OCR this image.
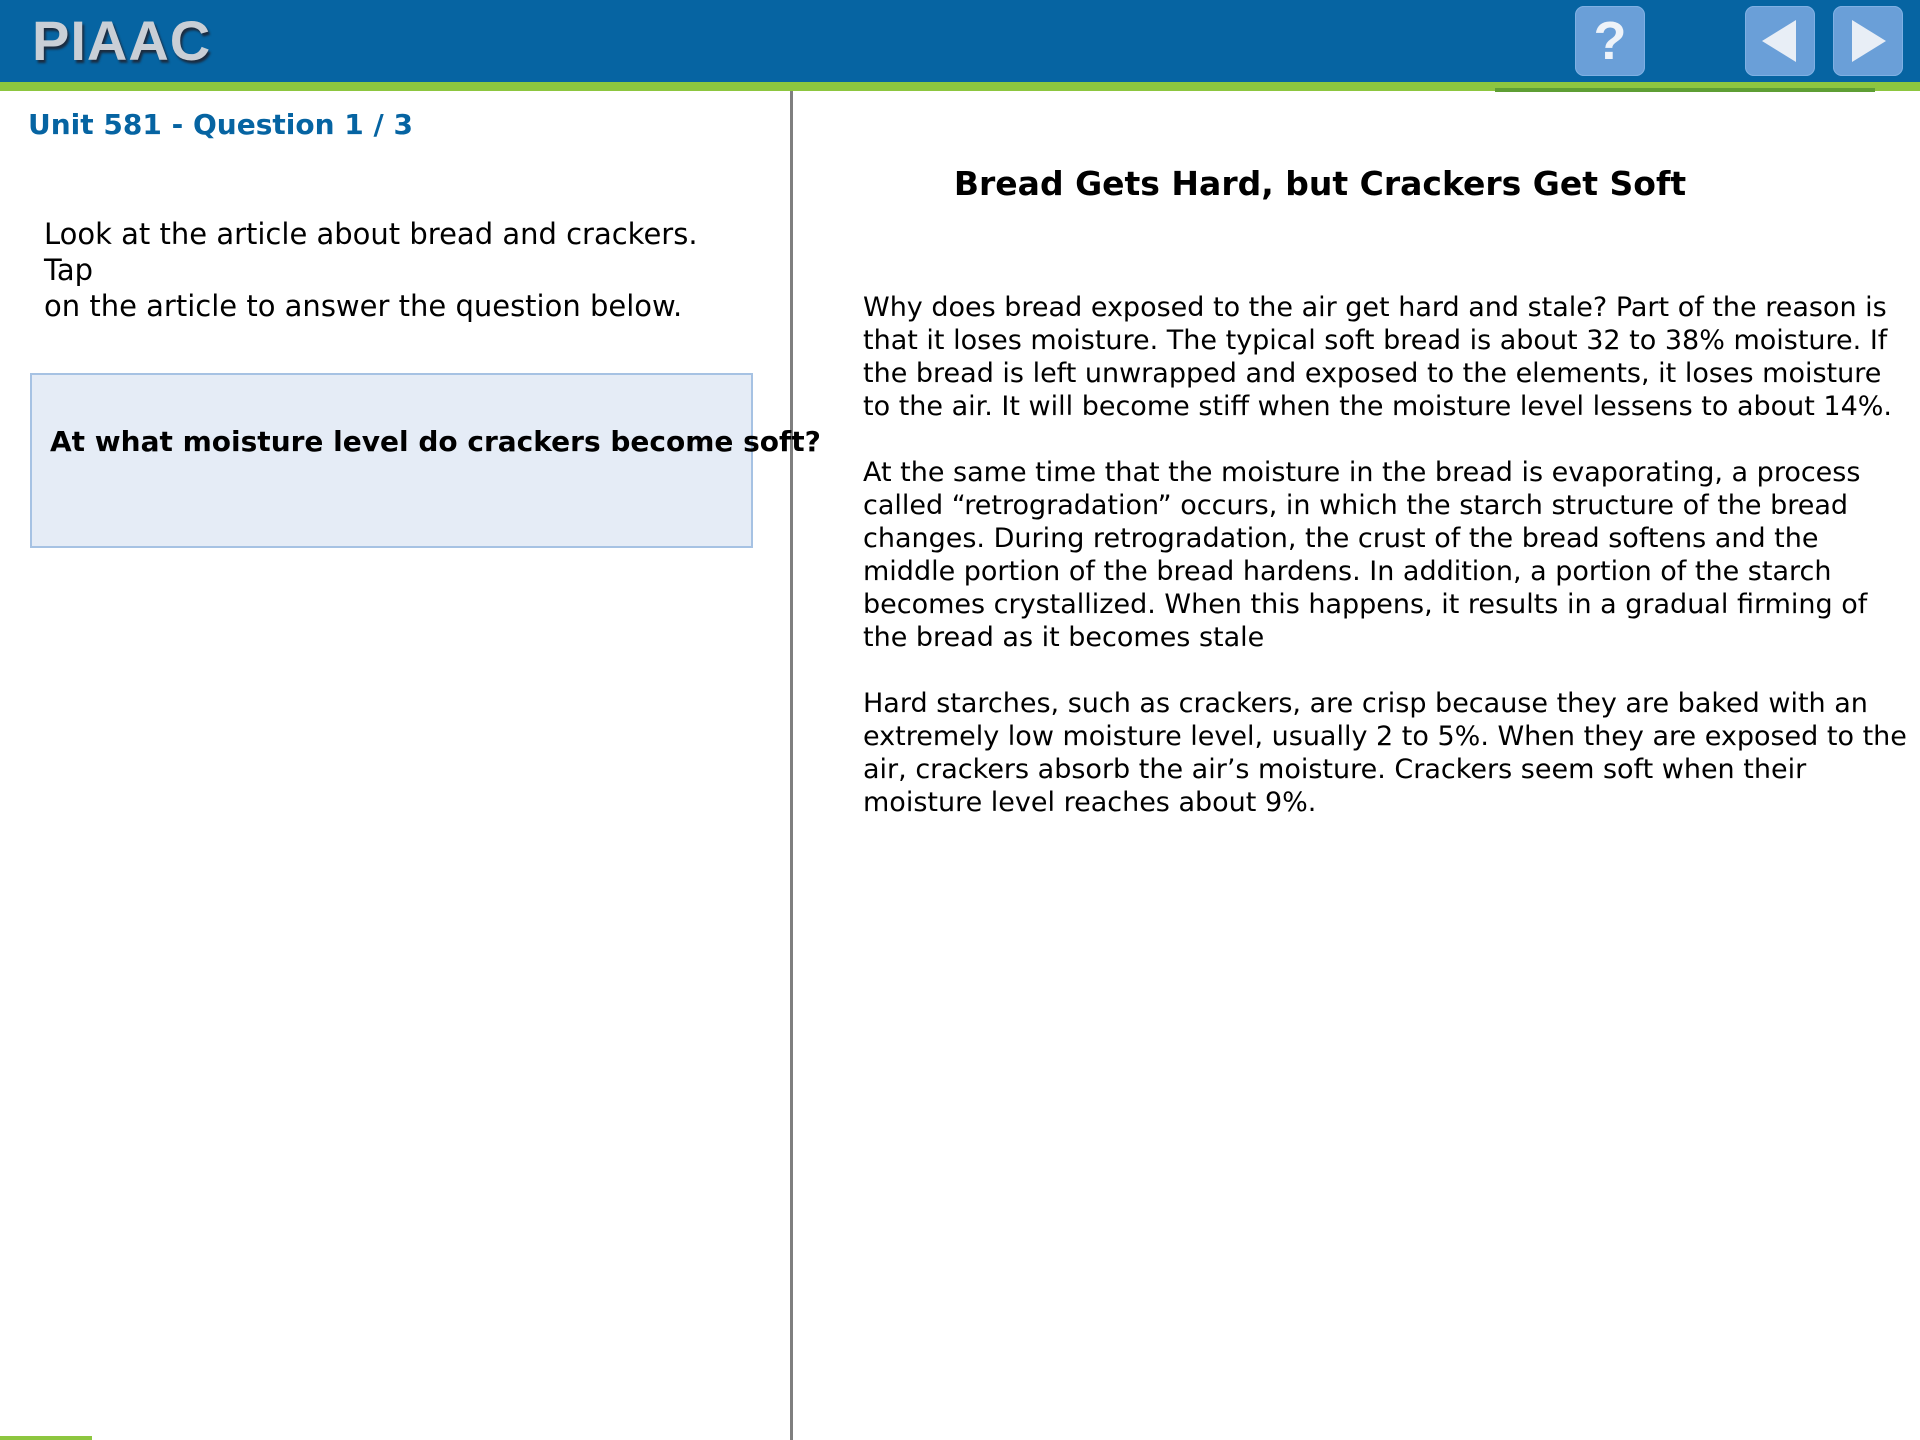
PIAAC	?
Unit 581 - Question 1 / 3
Look at the article about bread and crackers. Tap
on the article to answer the question below.
At what moisture level do crackers become soft?
Bread Gets Hard, but Crackers Get Soft
Why does bread exposed to the air get hard and stale? Part of the reason is
that it loses moisture. The typical soft bread is about 32 to 38% moisture. If
the bread is left unwrapped and exposed to the elements, it loses moisture
to the air. It will become stiff when the moisture level lessens to about 14%.
At the same time that the moisture in the bread is evaporating, a process
called “retrogradation” occurs, in which the starch structure of the bread
changes. During retrogradation, the crust of the bread softens and the
middle portion of the bread hardens. In addition, a portion of the starch
becomes crystallized. When this happens, it results in a gradual firming of
the bread as it becomes stale
Hard starches, such as crackers, are crisp because they are baked with an
extremely low moisture level, usually 2 to 5%. When they are exposed to the
air, crackers absorb the air’s moisture. Crackers seem soft when their
moisture level reaches about 9%.
